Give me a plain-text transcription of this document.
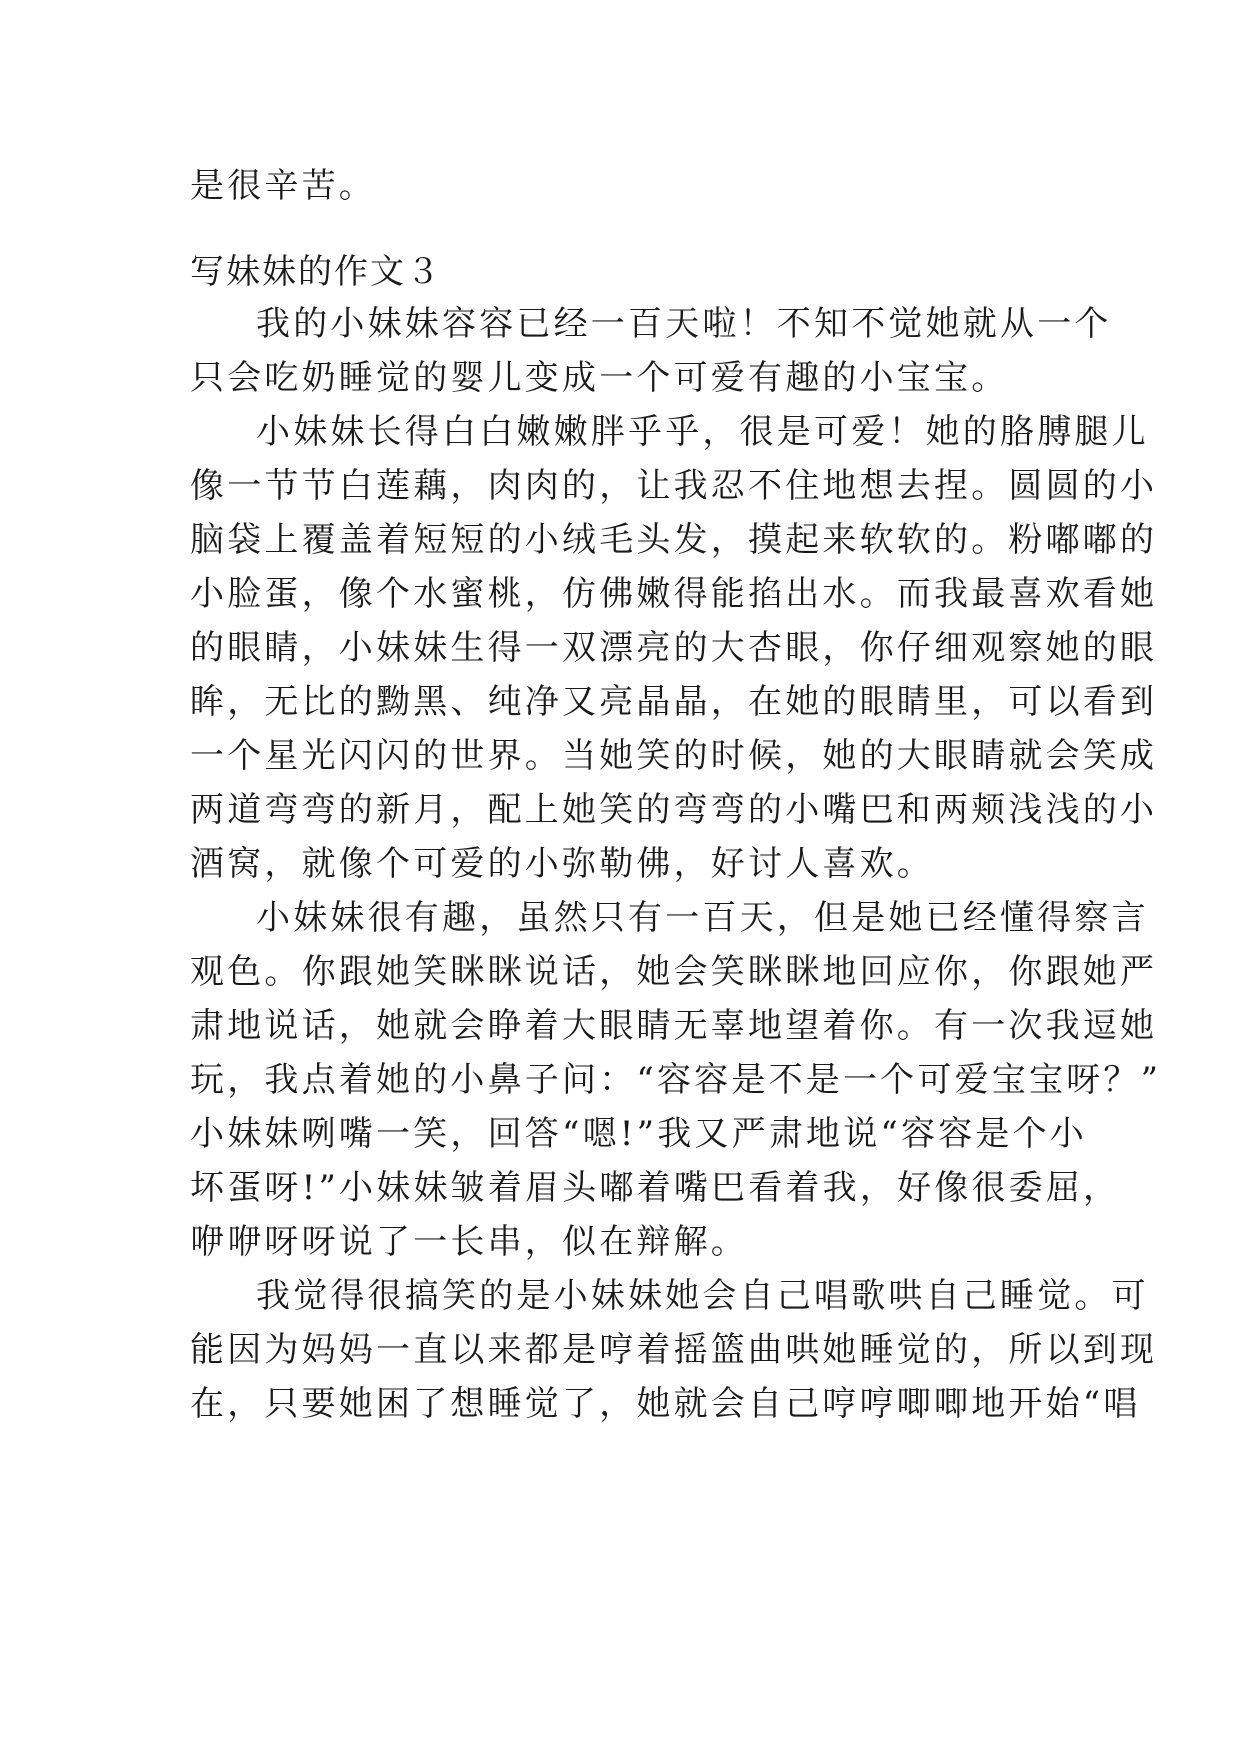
是很辛苦。
写妹妹的作文３
我的小妹妹容容已经一百天啦！不知不觉她就从一个
只会吃奶睡觉的婴儿变成一个可爱有趣的小宝宝。
小妹妹长得白白嫩嫩胖乎乎，很是可爱！她的胳膊腿儿
像一节节白莲藕，肉肉的，让我忍不住地想去捏。圆圆的小
脑袋上覆盖着短短的小绒毛头发，摸起来软软的。粉嘟嘟的
小脸蛋，像个水蜜桃，仿佛嫩得能掐出水。而我最喜欢看她
的眼睛，小妹妹生得一双漂亮的大杏眼，你仔细观察她的眼
眸，无比的黝黑、纯净又亮晶晶，在她的眼睛里，可以看到
一个星光闪闪的世界。当她笑的时候，她的大眼睛就会笑成
两道弯弯的新月，配上她笑的弯弯的小嘴巴和两颊浅浅的小
酒窝，就像个可爱的小弥勒佛，好讨人喜欢。
小妹妹很有趣，虽然只有一百天，但是她已经懂得察言
观色。你跟她笑眯眯说话，她会笑眯眯地回应你，你跟她严
肃地说话，她就会睁着大眼睛无辜地望着你。有一次我逗她
玩，我点着她的小鼻子问：“容容是不是一个可爱宝宝呀？”
小妹妹咧嘴一笑，回答“嗯!”我又严肃地说“容容是个小
坏蛋呀!”小妹妹皱着眉头嘟着嘴巴看着我，好像很委屈，
咿咿呀呀说了一长串，似在辩解。
我觉得很搞笑的是小妹妹她会自己唱歌哄自己睡觉。可
能因为妈妈一直以来都是哼着摇篮曲哄她睡觉的，所以到现
在，只要她困了想睡觉了，她就会自己哼哼唧唧地开始“唱
